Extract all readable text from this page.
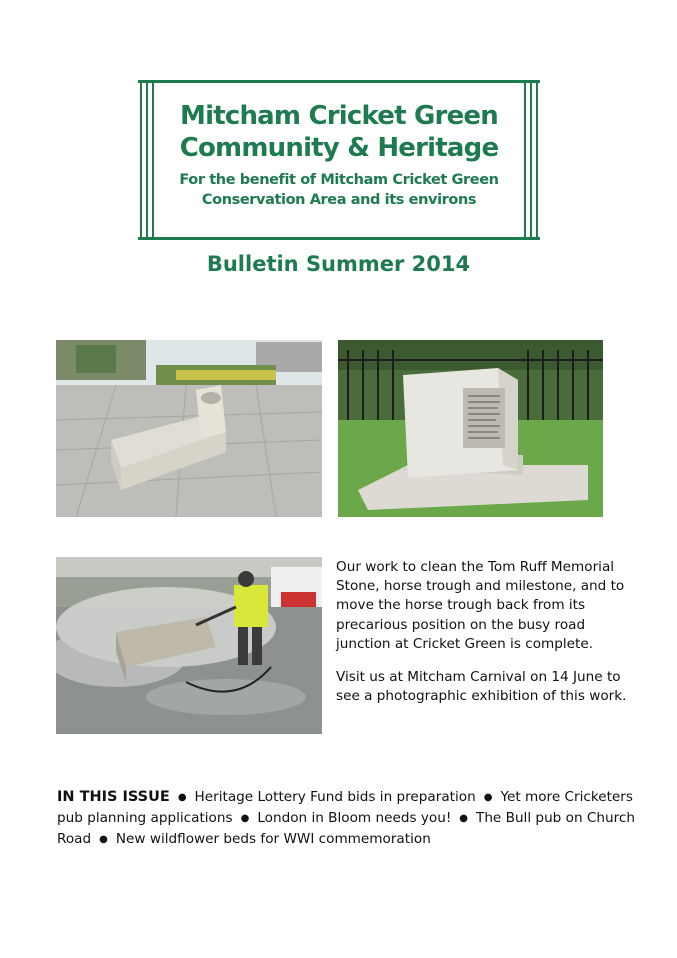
Mitcham Cricket Green
Community & Heritage
For the benefit of Mitcham Cricket Green
Conservation Area and its environs
Bulletin Summer 2014

Our work to clean the Tom Ruff Memorial Stone, horse trough and milestone, and to move the horse trough back from its precarious position on the busy road junction at Cricket Green is complete.

Visit us at Mitcham Carnival on 14 June to see a photographic exhibition of this work.

IN THIS ISSUE ● Heritage Lottery Fund bids in preparation ● Yet more Cricketers pub planning applications ● London in Bloom needs you! ● The Bull pub on Church Road ● New wildflower beds for WWI commemoration
